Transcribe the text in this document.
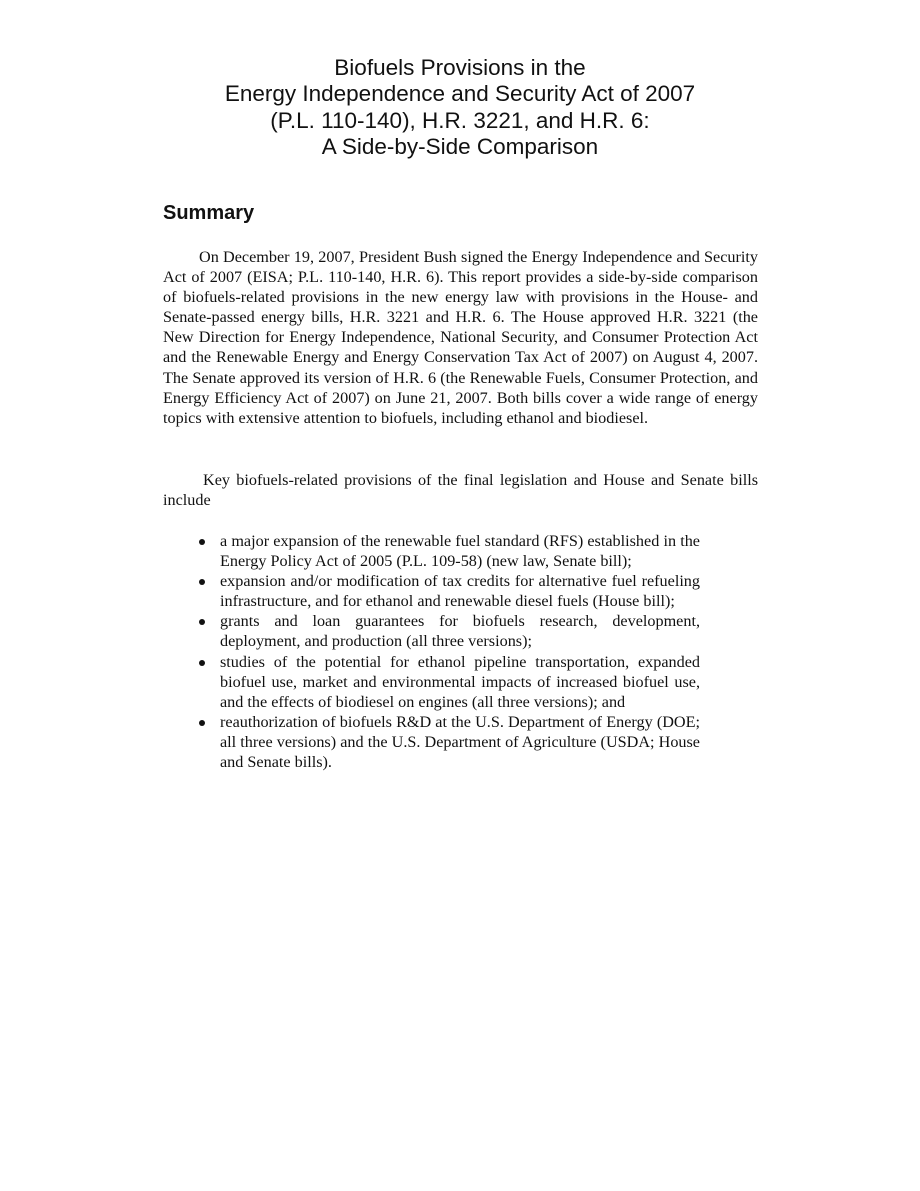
Biofuels Provisions in the
Energy Independence and Security Act of 2007
(P.L. 110-140), H.R. 3221, and H.R. 6:
A Side-by-Side Comparison
Summary

On December 19, 2007, President Bush signed the Energy Independence and Security Act of 2007 (EISA; P.L. 110-140, H.R. 6). This report provides a side-by-side comparison of biofuels-related provisions in the new energy law with provisions in the House- and Senate-passed energy bills, H.R. 3221 and H.R. 6. The House approved H.R. 3221 (the New Direction for Energy Independence, National Security, and Consumer Protection Act and the Renewable Energy and Energy Conservation Tax Act of 2007) on August 4, 2007. The Senate approved its version of H.R. 6 (the Renewable Fuels, Consumer Protection, and Energy Efficiency Act of 2007) on June 21, 2007. Both bills cover a wide range of energy topics with extensive attention to biofuels, including ethanol and biodiesel.

Key biofuels-related provisions of the final legislation and House and Senate bills include

a major expansion of the renewable fuel standard (RFS) established in the Energy Policy Act of 2005 (P.L. 109-58) (new law, Senate bill);
expansion and/or modification of tax credits for alternative fuel refueling infrastructure, and for ethanol and renewable diesel fuels (House bill);
grants and loan guarantees for biofuels research, development, deployment, and production (all three versions);
studies of the potential for ethanol pipeline transportation, expanded biofuel use, market and environmental impacts of increased biofuel use, and the effects of biodiesel on engines (all three versions); and
reauthorization of biofuels R&D at the U.S. Department of Energy (DOE; all three versions) and the U.S. Department of Agriculture (USDA; House and Senate bills).
